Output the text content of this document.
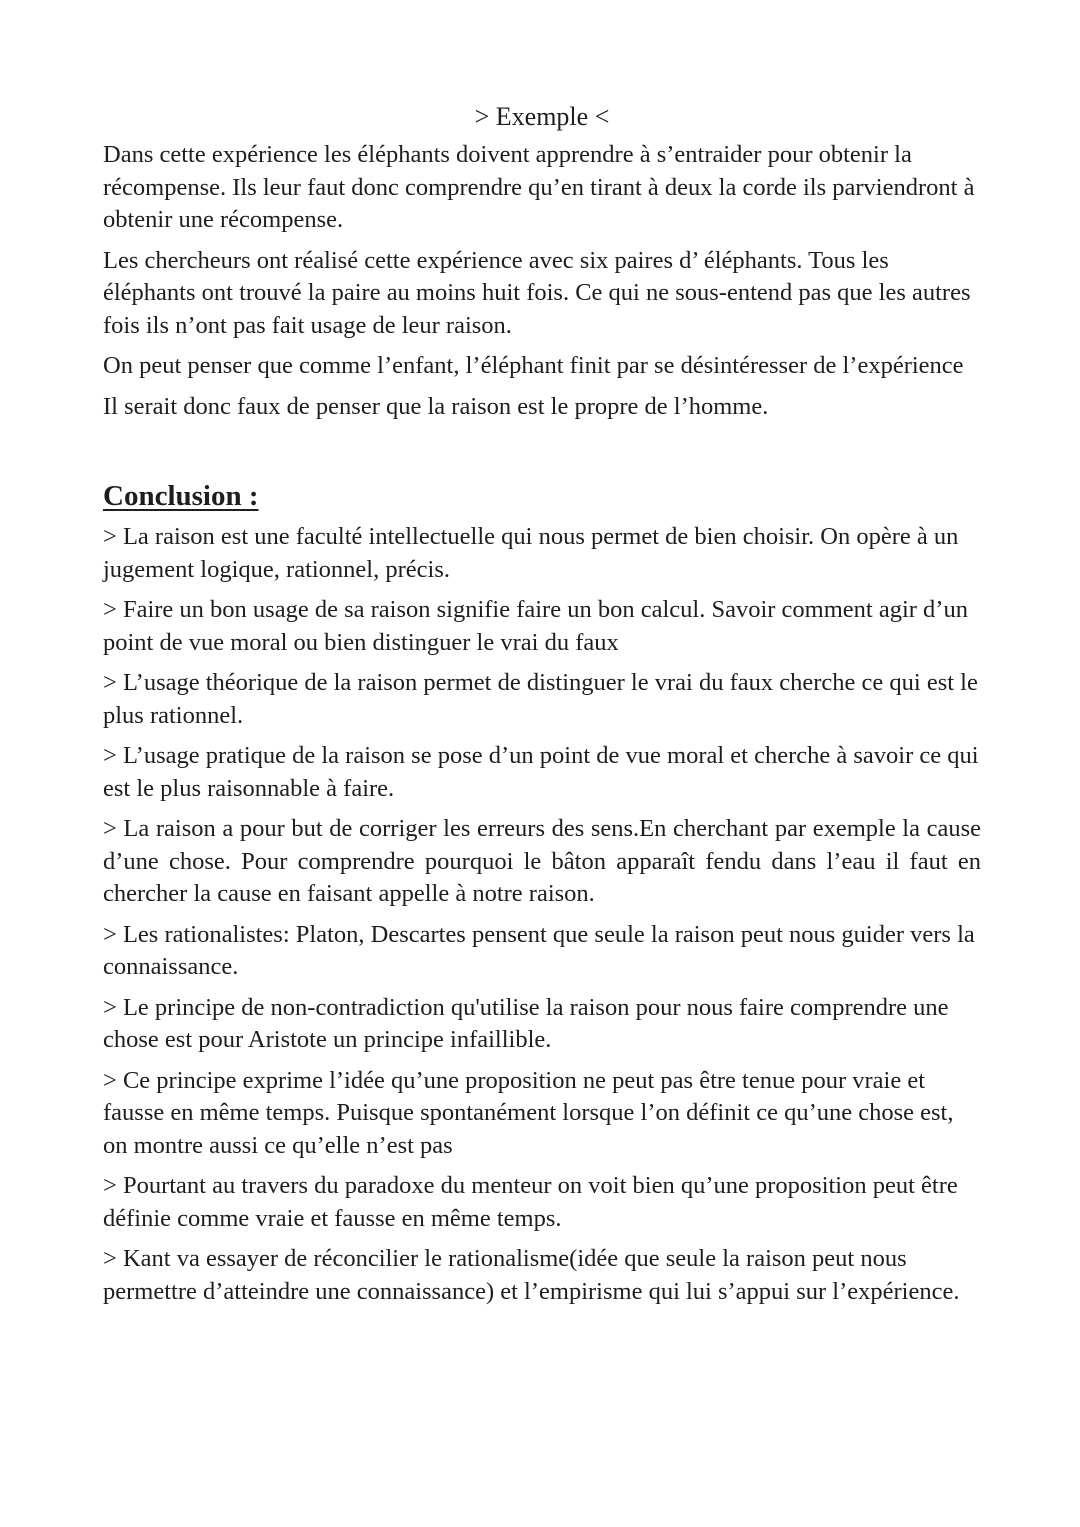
> Exemple <

Dans cette expérience les éléphants doivent apprendre à s’entraider pour obtenir la récompense. Ils leur faut donc comprendre qu’en tirant à deux la corde ils parviendront à obtenir une récompense.

Les chercheurs ont réalisé cette expérience avec six paires d’ éléphants. Tous les éléphants ont trouvé la paire au moins huit fois. Ce qui ne sous-entend pas que les autres fois ils n’ont pas fait usage de leur raison.

On peut penser que comme l’enfant, l’éléphant finit par se désintéresser de l’expérience

Il serait donc faux de penser que la raison est le propre de l’homme.

Conclusion :

> La raison est une faculté intellectuelle qui nous permet de bien choisir. On opère à un jugement logique, rationnel, précis.

> Faire un bon usage de sa raison signifie faire un bon calcul. Savoir comment agir d’un point de vue moral ou bien distinguer le vrai du faux

> L’usage théorique de la raison permet de distinguer le vrai du faux cherche ce qui est le plus rationnel.

> L’usage pratique de la raison se pose d’un point de vue moral et cherche à savoir ce qui est le plus raisonnable à faire.

> La raison a pour but de corriger les erreurs des sens.En cherchant par exemple la cause d’une chose. Pour comprendre pourquoi le bâton apparaît fendu dans l’eau il faut en chercher la cause en faisant appelle à notre raison.

> Les rationalistes: Platon, Descartes pensent que seule la raison peut nous guider vers la connaissance.

> Le principe de non-contradiction qu'utilise la raison pour nous faire comprendre une chose est pour Aristote un principe infaillible.

> Ce principe exprime l’idée qu’une proposition ne peut pas être tenue pour vraie et fausse en même temps. Puisque spontanément lorsque l’on définit ce qu’une chose est, on montre aussi ce qu’elle n’est pas

> Pourtant au travers du paradoxe du menteur on voit bien qu’une proposition peut être définie comme vraie et fausse en même temps.

> Kant va essayer de réconcilier le rationalisme(idée que seule la raison peut nous permettre d’atteindre une connaissance) et l’empirisme qui lui s’appui sur l’expérience.
